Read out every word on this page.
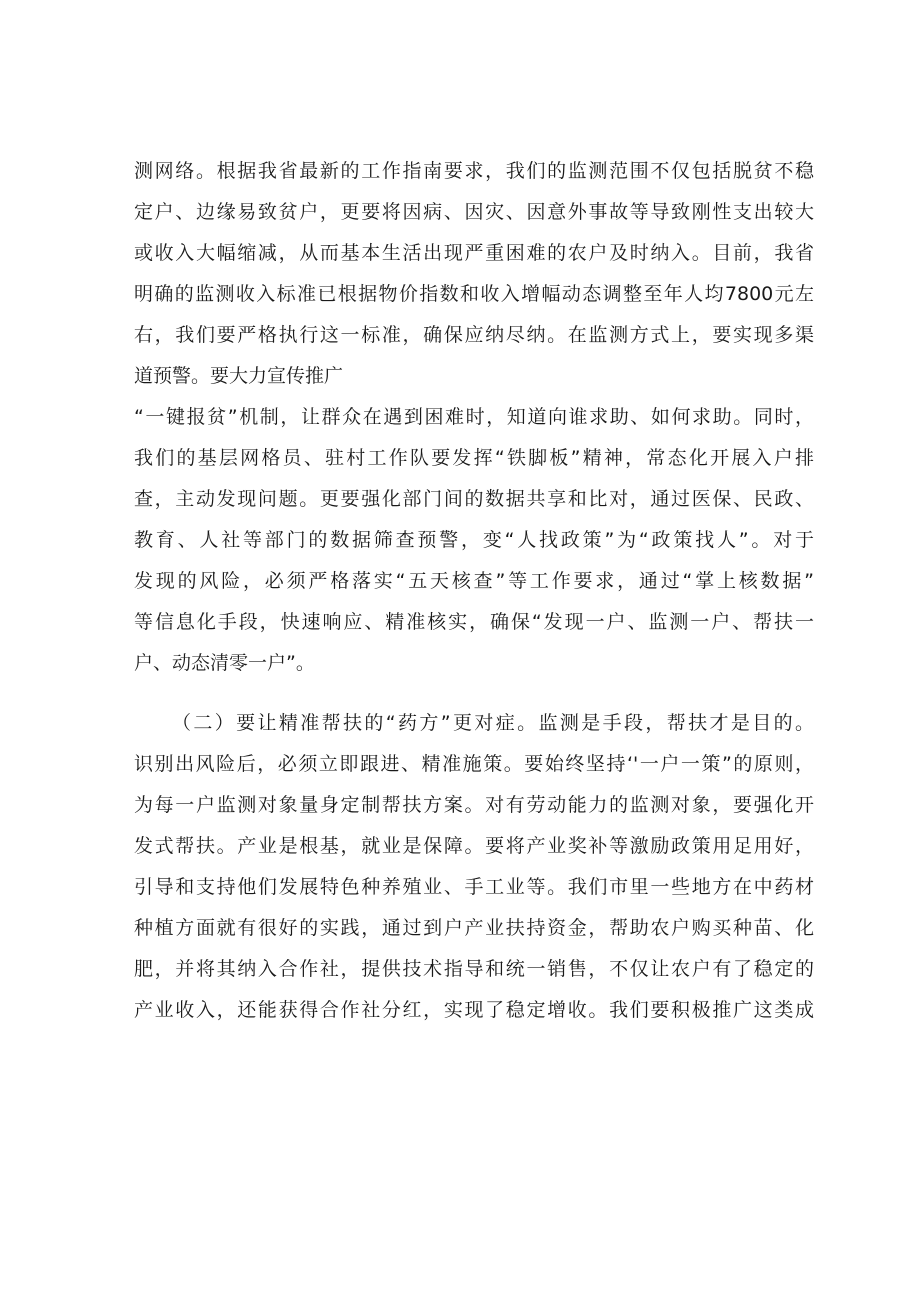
测网络。根据我省最新的工作指南要求，我们的监测范围不仅包括脱贫不稳
定户、边缘易致贫户，更要将因病、因灾、因意外事故等导致刚性支出较大
或收入大幅缩减，从而基本生活出现严重困难的农户及时纳入。目前，我省
明确的监测收入标准已根据物价指数和收入增幅动态调整至年人均7800元左
右，我们要严格执行这一标准，确保应纳尽纳。在监测方式上，要实现多渠
道预警。要大力宣传推广
“一键报贫”机制，让群众在遇到困难时，知道向谁求助、如何求助。同时，
我们的基层网格员、驻村工作队要发挥“铁脚板”精神，常态化开展入户排
查，主动发现问题。更要强化部门间的数据共享和比对，通过医保、民政、
教育、人社等部门的数据筛查预警，变“人找政策”为“政策找人”。对于
发现的风险，必须严格落实“五天核查”等工作要求，通过“掌上核数据”
等信息化手段，快速响应、精准核实，确保“发现一户、监测一户、帮扶一
户、动态清零一户”。
（二）要让精准帮扶的“药方”更对症。监测是手段，帮扶才是目的。
识别出风险后，必须立即跟进、精准施策。要始终坚持‘'一户一策”的原则，
为每一户监测对象量身定制帮扶方案。对有劳动能力的监测对象，要强化开
发式帮扶。产业是根基，就业是保障。要将产业奖补等激励政策用足用好，
引导和支持他们发展特色种养殖业、手工业等。我们市里一些地方在中药材
种植方面就有很好的实践，通过到户产业扶持资金，帮助农户购买种苗、化
肥，并将其纳入合作社，提供技术指导和统一销售，不仅让农户有了稳定的
产业收入，还能获得合作社分红，实现了稳定增收。我们要积极推广这类成
